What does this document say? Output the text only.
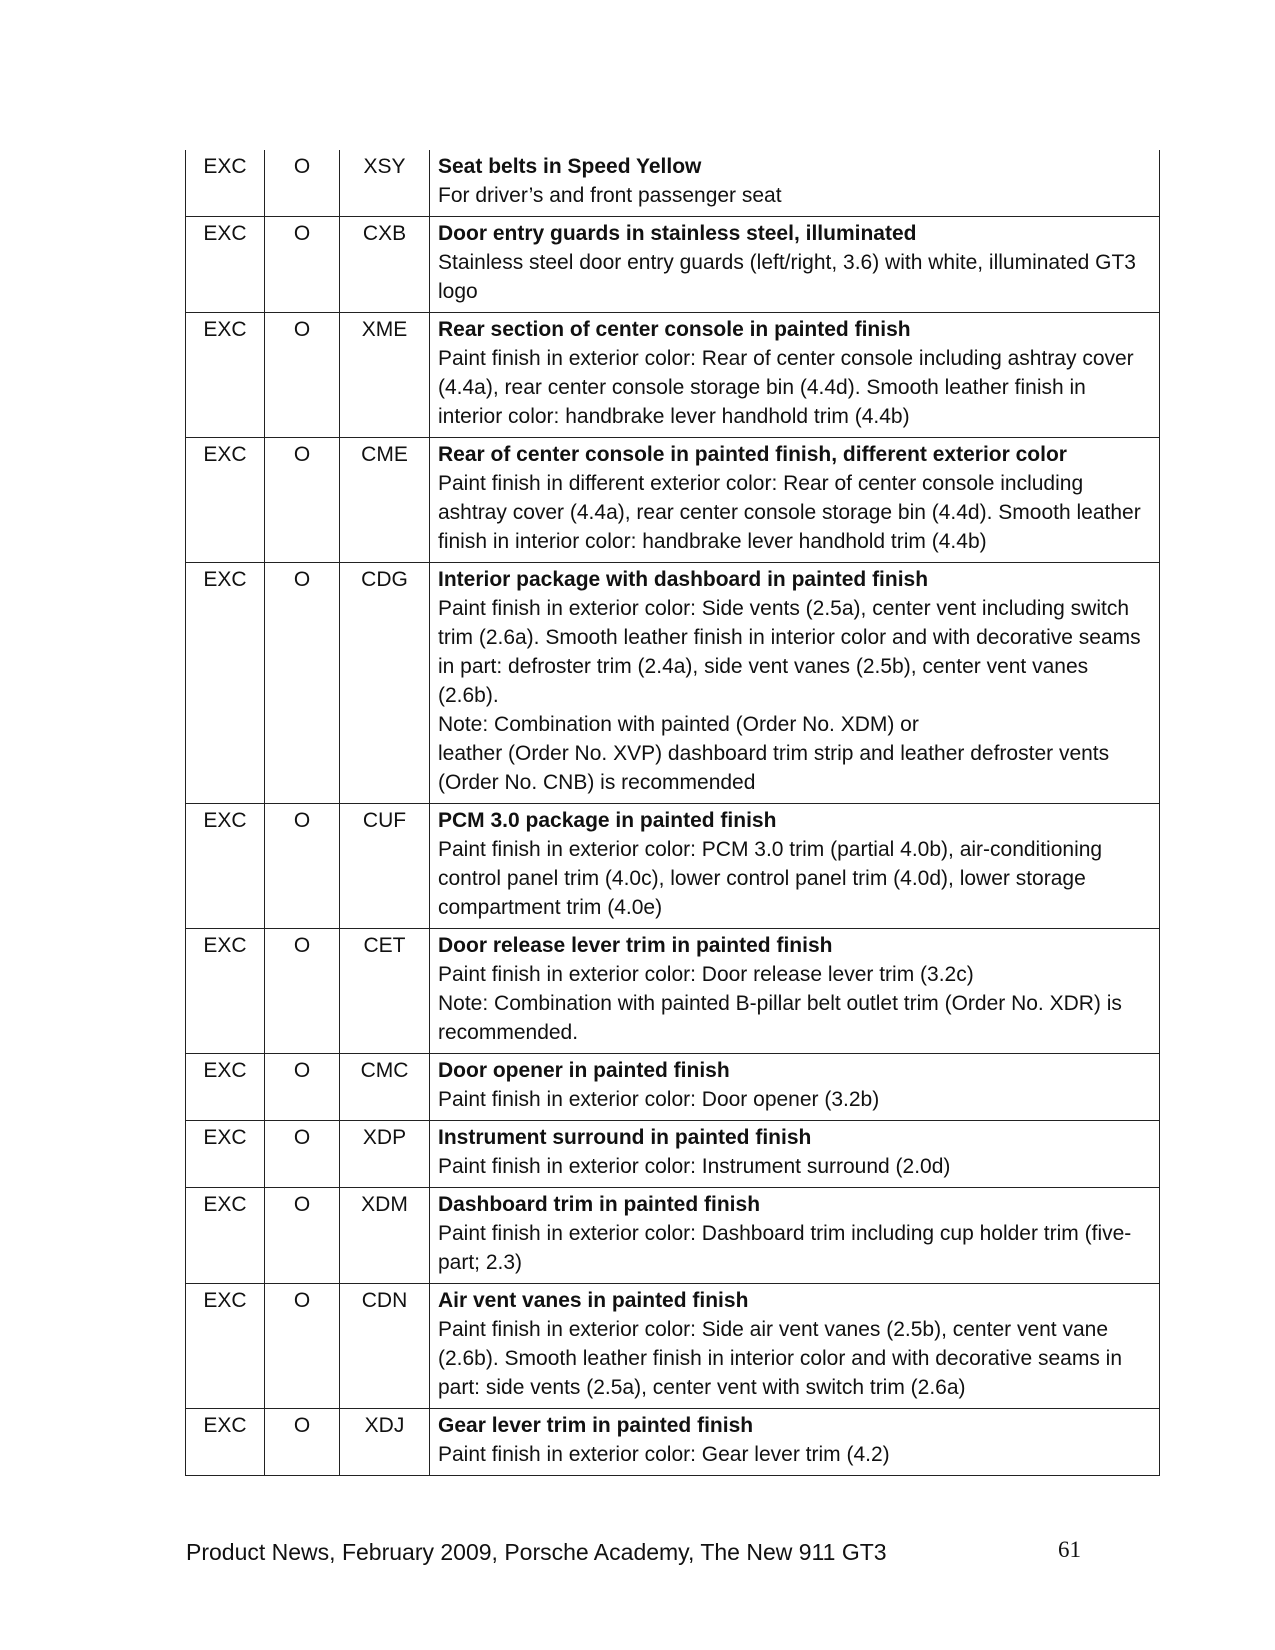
EXC	O	XSY	Seat belts in Speed Yellow
For driver’s and front passenger seat

EXC	O	CXB	Door entry guards in stainless steel, illuminated
Stainless steel door entry guards (left/right, 3.6) with white, illuminated GT3 logo

EXC	O	XME	Rear section of center console in painted finish
Paint finish in exterior color: Rear of center console including ashtray cover (4.4a), rear center console storage bin (4.4d). Smooth leather finish in interior color: handbrake lever handhold trim (4.4b)

EXC	O	CME	Rear of center console in painted finish, different exterior color
Paint finish in different exterior color: Rear of center console including ashtray cover (4.4a), rear center console storage bin (4.4d). Smooth leather finish in interior color: handbrake lever handhold trim (4.4b)

EXC	O	CDG	Interior package with dashboard in painted finish
Paint finish in exterior color: Side vents (2.5a), center vent including switch trim (2.6a). Smooth leather finish in interior color and with decorative seams in part: defroster trim (2.4a), side vent vanes (2.5b), center vent vanes (2.6b).
Note: Combination with painted (Order No. XDM) or
leather (Order No. XVP) dashboard trim strip and leather defroster vents (Order No. CNB) is recommended

EXC	O	CUF	PCM 3.0 package in painted finish
Paint finish in exterior color: PCM 3.0 trim (partial 4.0b), air-conditioning control panel trim (4.0c), lower control panel trim (4.0d), lower storage compartment trim (4.0e)

EXC	O	CET	Door release lever trim in painted finish
Paint finish in exterior color: Door release lever trim (3.2c)
Note: Combination with painted B-pillar belt outlet trim (Order No. XDR) is recommended.

EXC	O	CMC	Door opener in painted finish
Paint finish in exterior color: Door opener (3.2b)

EXC	O	XDP	Instrument surround in painted finish
Paint finish in exterior color: Instrument surround (2.0d)

EXC	O	XDM	Dashboard trim in painted finish
Paint finish in exterior color: Dashboard trim including cup holder trim (five-part; 2.3)

EXC	O	CDN	Air vent vanes in painted finish
Paint finish in exterior color: Side air vent vanes (2.5b), center vent vane (2.6b). Smooth leather finish in interior color and with decorative seams in part: side vents (2.5a), center vent with switch trim (2.6a)

EXC	O	XDJ	Gear lever trim in painted finish
Paint finish in exterior color: Gear lever trim (4.2)
Product News, February 2009, Porsche Academy, The New 911 GT3	61
